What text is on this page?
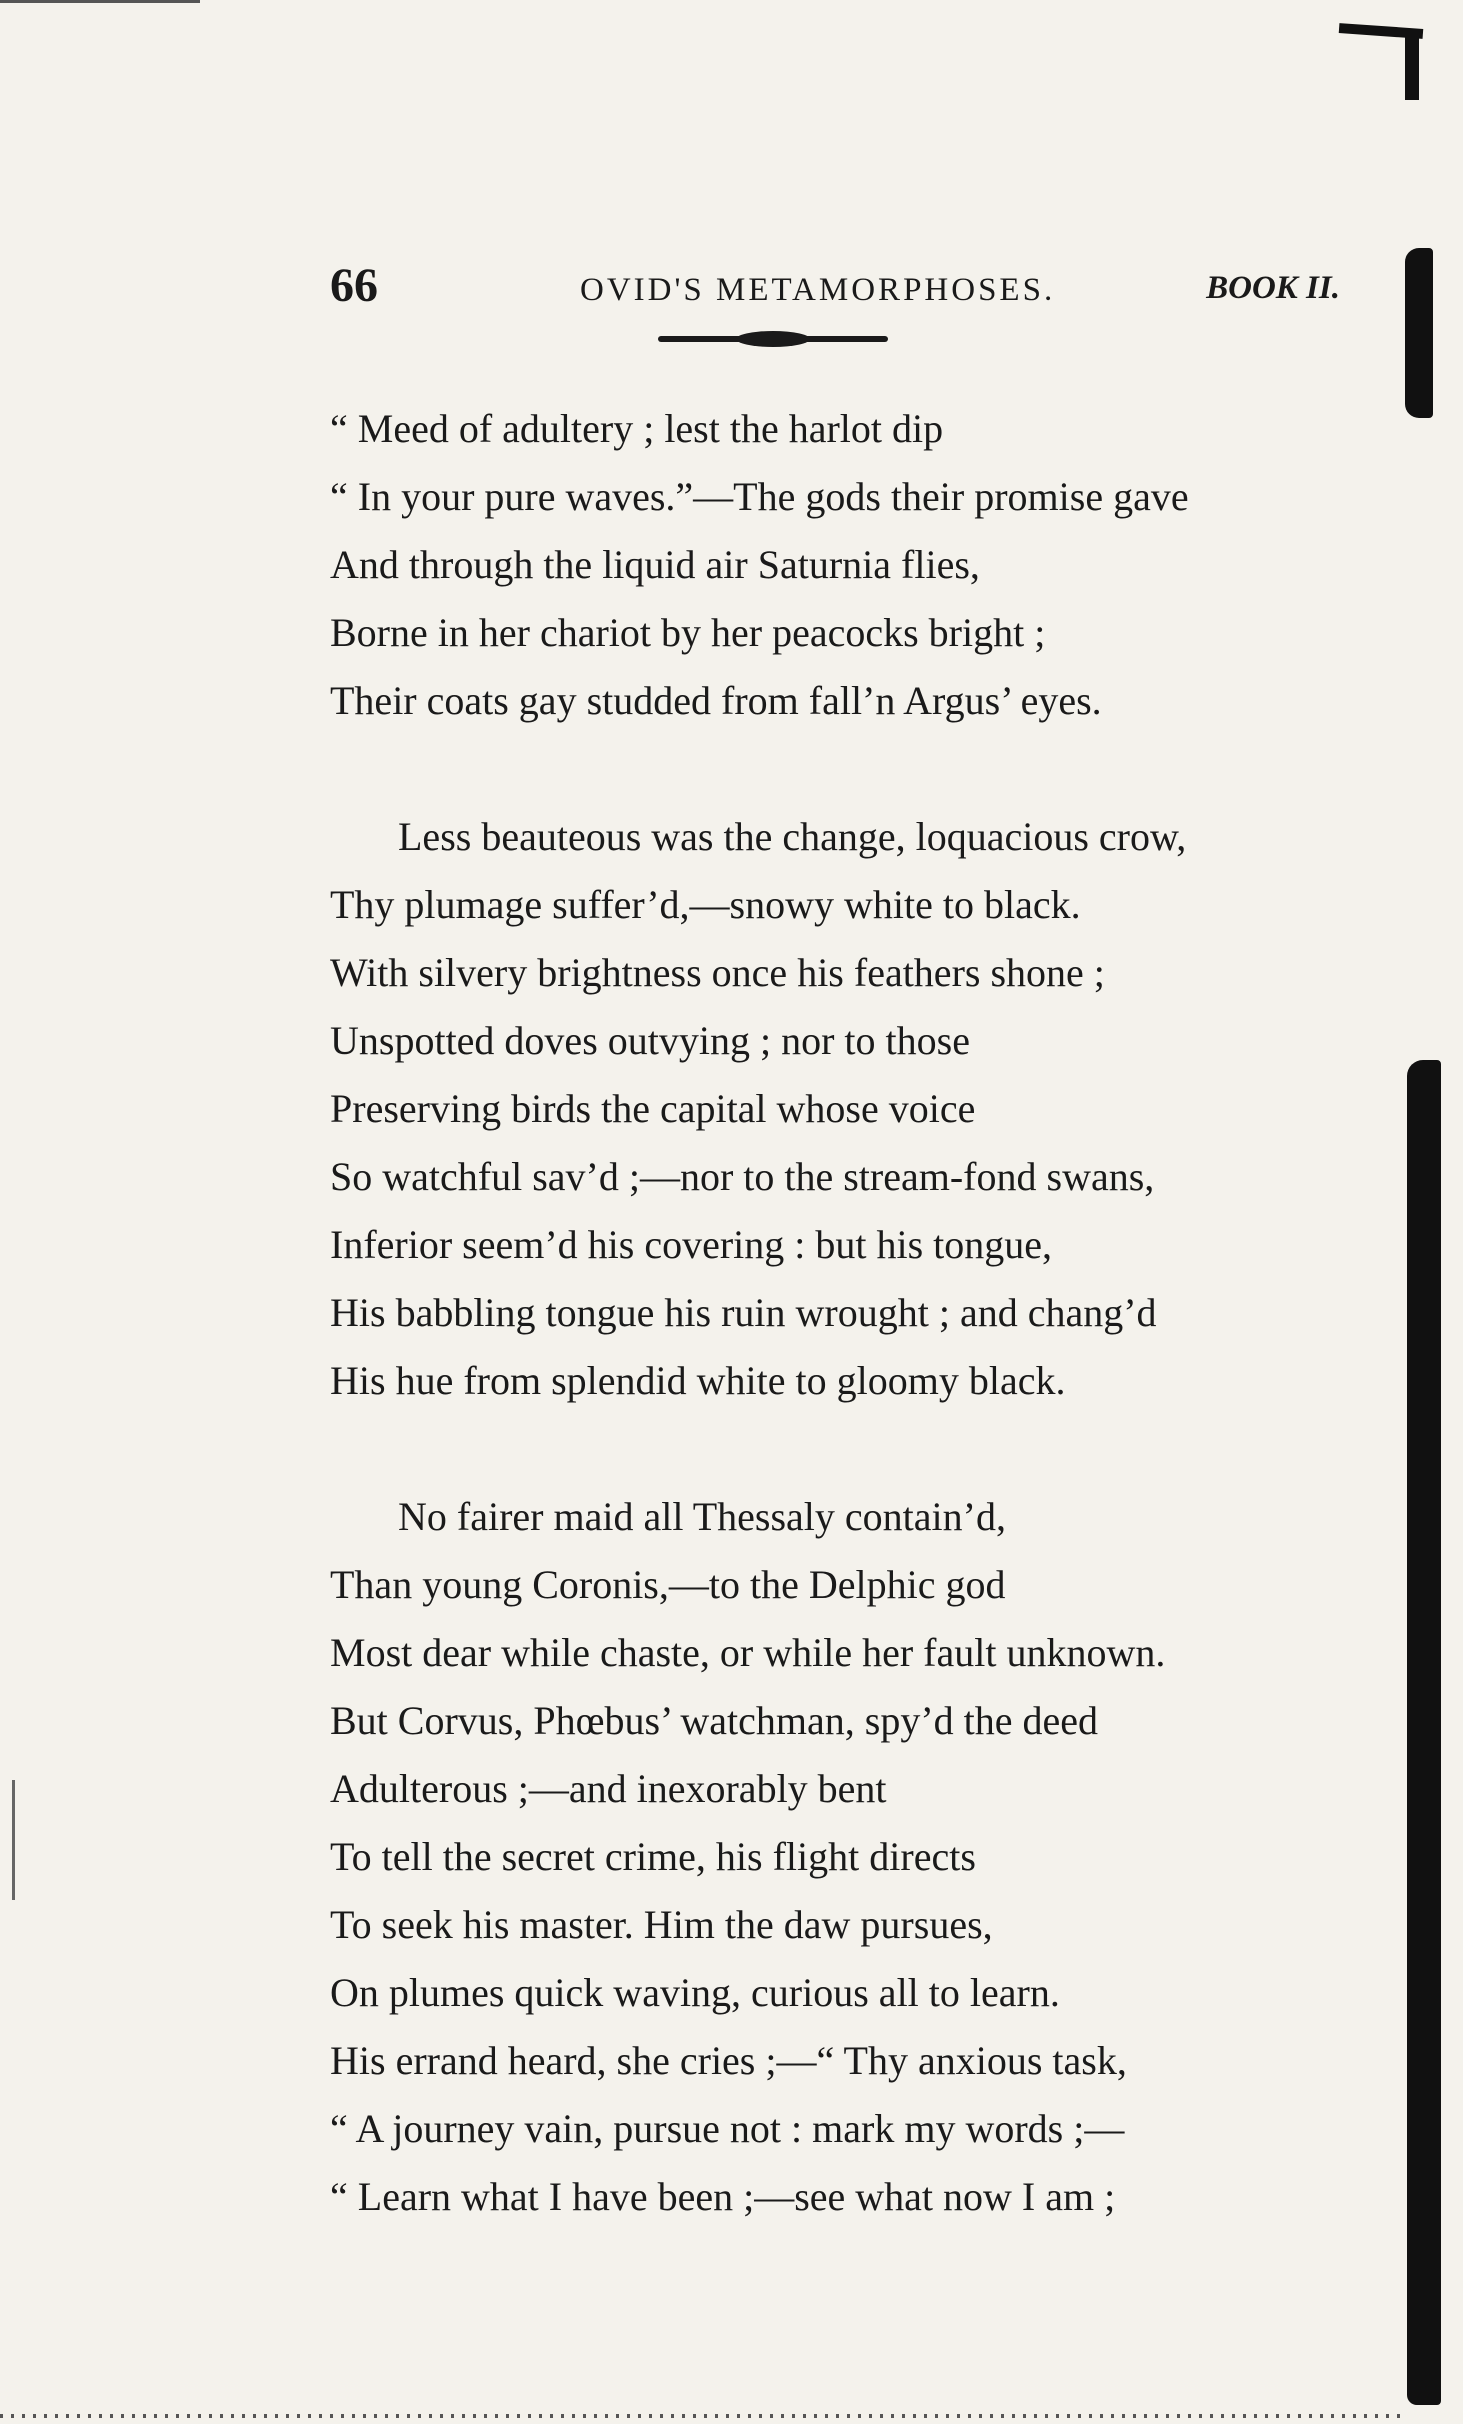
66	OVID'S METAMORPHOSES.	BOOK II.
“ Meed of adultery ; lest the harlot dip
“ In your pure waves.”—The gods their promise gave
And through the liquid air Saturnia flies,
Borne in her chariot by her peacocks bright ;
Their coats gay studded from fall’n Argus’ eyes.
Less beauteous was the change, loquacious crow,
Thy plumage suffer’d,—snowy white to black.
With silvery brightness once his feathers shone ;
Unspotted doves outvying ; nor to those
Preserving birds the capital whose voice
So watchful sav’d ;—nor to the stream-fond swans,
Inferior seem’d his covering : but his tongue,
His babbling tongue his ruin wrought ; and chang’d
His hue from splendid white to gloomy black.
No fairer maid all Thessaly contain’d,
Than young Coronis,—to the Delphic god
Most dear while chaste, or while her fault unknown.
But Corvus, Phœbus’ watchman, spy’d the deed
Adulterous ;—and inexorably bent
To tell the secret crime, his flight directs
To seek his master. Him the daw pursues,
On plumes quick waving, curious all to learn.
His errand heard, she cries ;—“ Thy anxious task,
“ A journey vain, pursue not : mark my words ;—
“ Learn what I have been ;—see what now I am ;
